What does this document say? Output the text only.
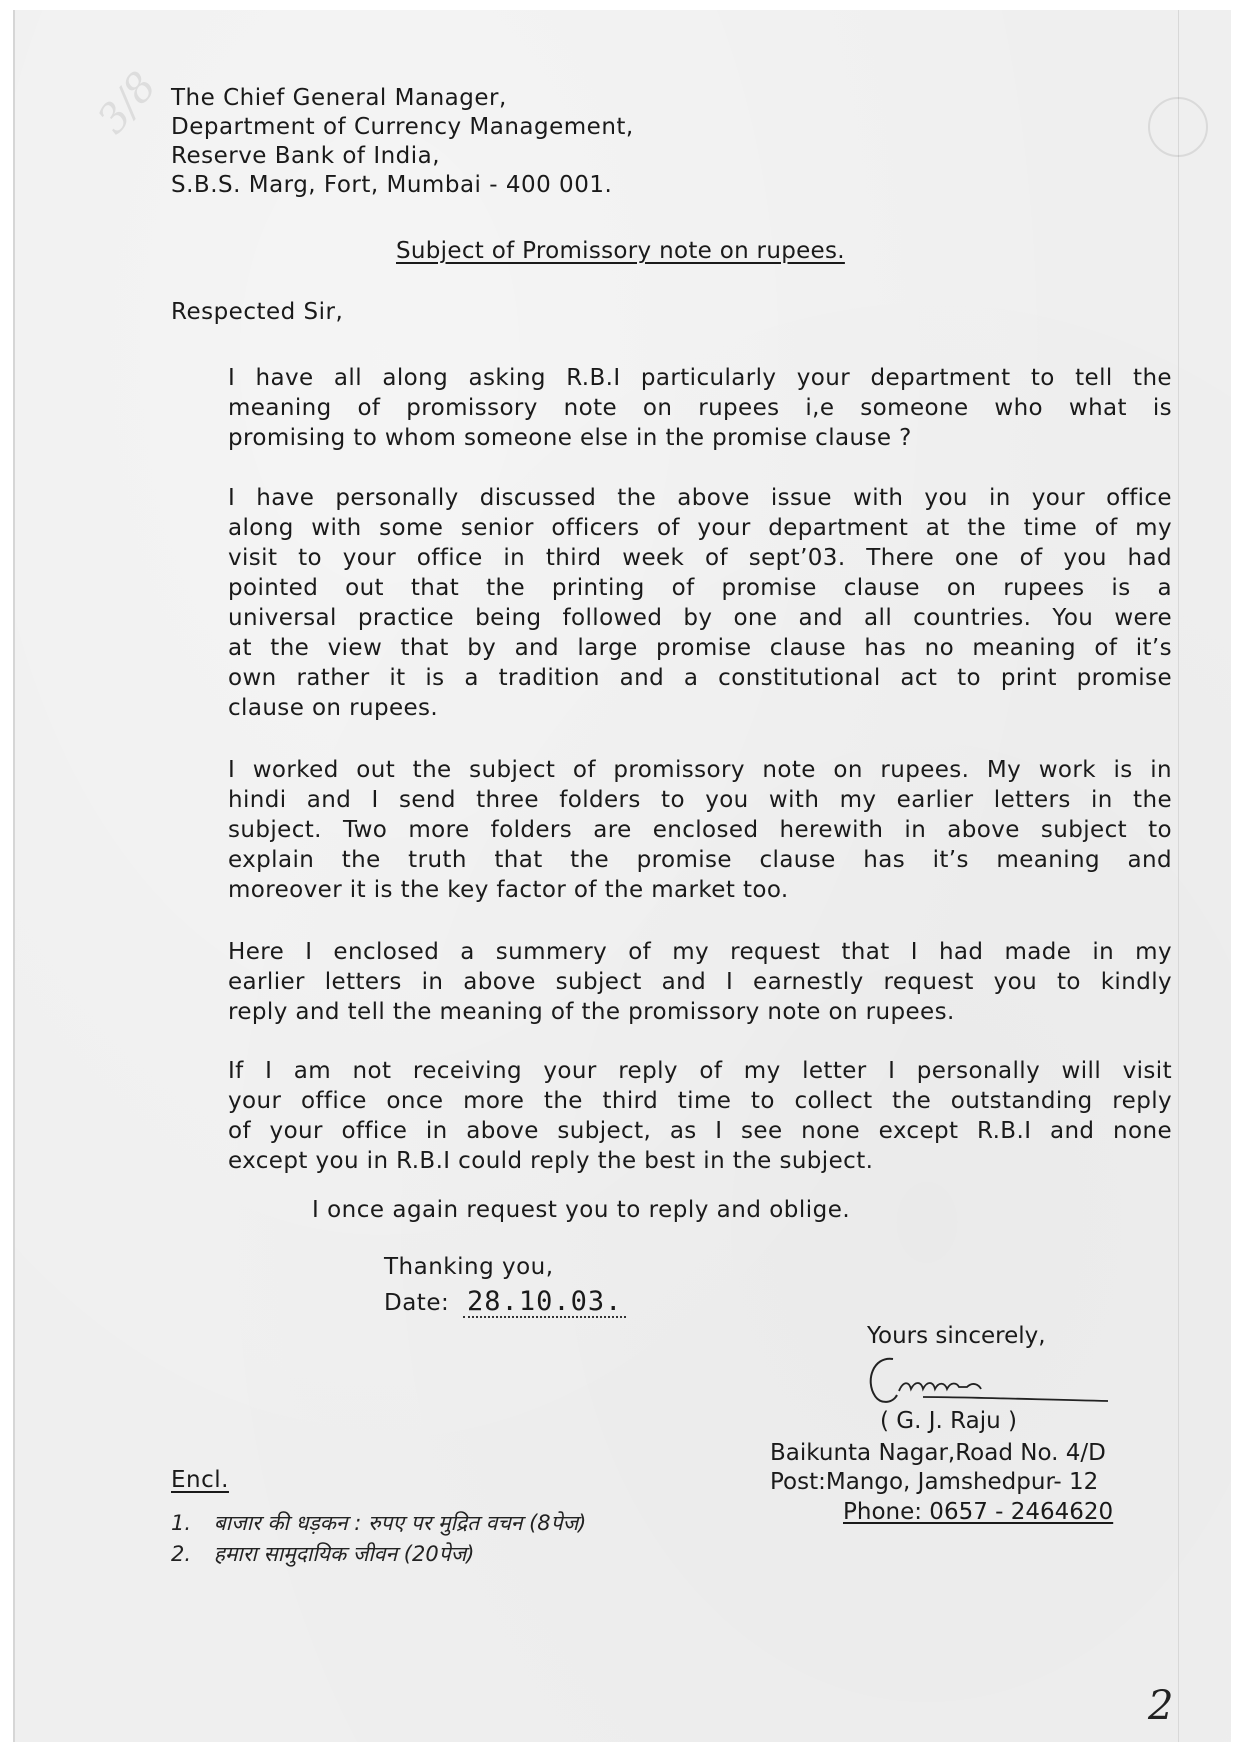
3/8 The Chief General Manager,
Department of Currency Management,
Reserve Bank of India,
S.B.S. Marg, Fort, Mumbai - 400 001.
Subject of Promissory note on rupees.
Respected Sir,
I have all along asking R.B.I particularly your department to tell the
meaning of promissory note on rupees i,e someone who what is
promising to whom someone else in the promise clause ?
I have personally discussed the above issue with you in your office
along with some senior officers of your department at the time of my
visit to your office in third week of sept’03. There one of you had
pointed out that the printing of promise clause on rupees is a
universal practice being followed by one and all countries. You were
at the view that by and large promise clause has no meaning of it’s
own rather it is a tradition and a constitutional act to print promise
clause on rupees.
I worked out the subject of promissory note on rupees. My work is in
hindi and I send three folders to you with my earlier letters in the
subject. Two more folders are enclosed herewith in above subject to
explain the truth that the promise clause has it’s meaning and
moreover it is the key factor of the market too.
Here I enclosed a summery of my request that I had made in my
earlier letters in above subject and I earnestly request you to kindly
reply and tell the meaning of the promissory note on rupees.
If I am not receiving your reply of my letter I personally will visit
your office once more the third time to collect the outstanding reply
of your office in above subject, as I see none except R.B.I and none
except you in R.B.I could reply the best in the subject.
I once again request you to reply and oblige.
Thanking you,
Date: 28.10.03.
Yours sincerely,
( G. J. Raju )
Baikunta Nagar,Road No. 4/D
Post:Mango, Jamshedpur- 12
Phone: 0657 - 2464620
Encl.
1. बाजार की धड़कन : रुपए पर मुद्रित वचन (8पेज)
2. हमारा सामुदायिक जीवन (20पेज)
2
